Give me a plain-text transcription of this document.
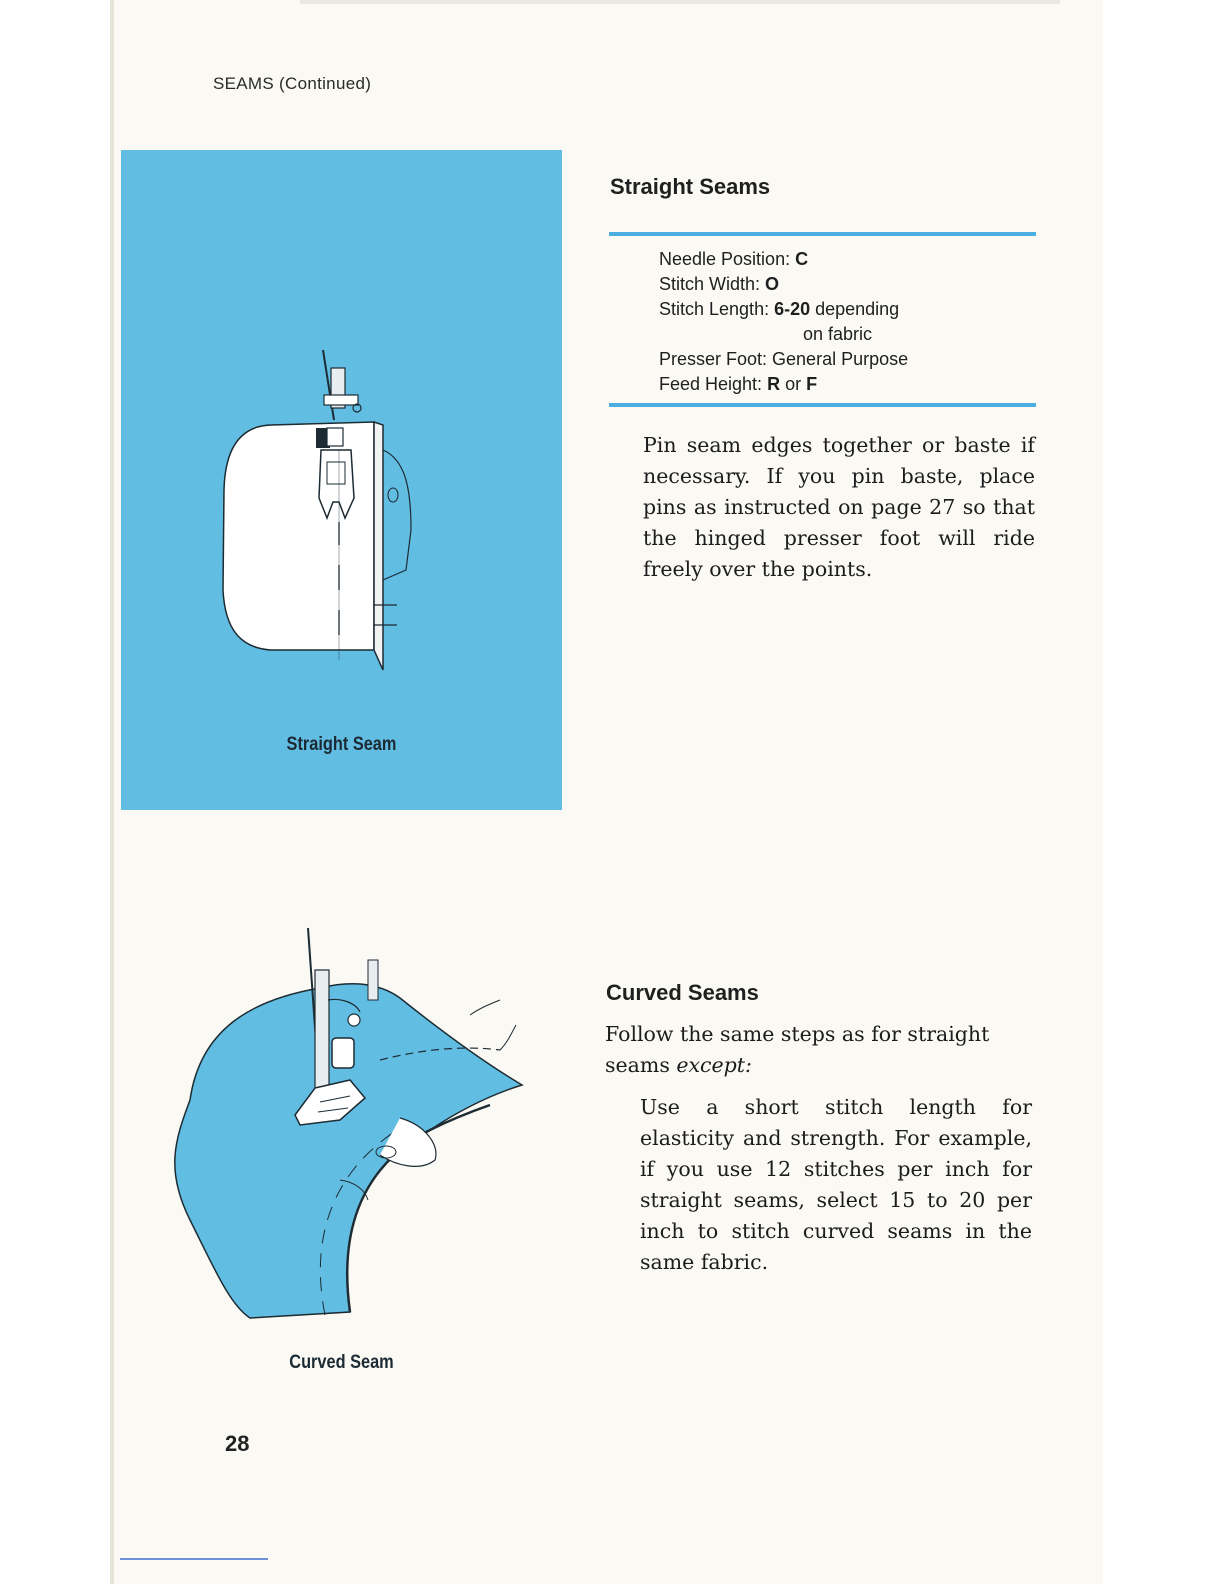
SEAMS (Continued)
Straight Seam
Curved Seam
Straight Seams
Needle Position: C
Stitch Width: O
Stitch Length: 6-20 depending
on fabric
Presser Foot: General Purpose
Feed Height: R or F

Pin seam edges together or baste if necessary. If you pin baste, place pins as instructed on page 27 so that the hinged presser foot will ride freely over the points.

Curved Seams

Follow the same steps as for straight seams except:

Use a short stitch length for elasticity and strength. For example, if you use 12 stitches per inch for straight seams, select 15 to 20 per inch to stitch curved seams in the same fabric.

28
